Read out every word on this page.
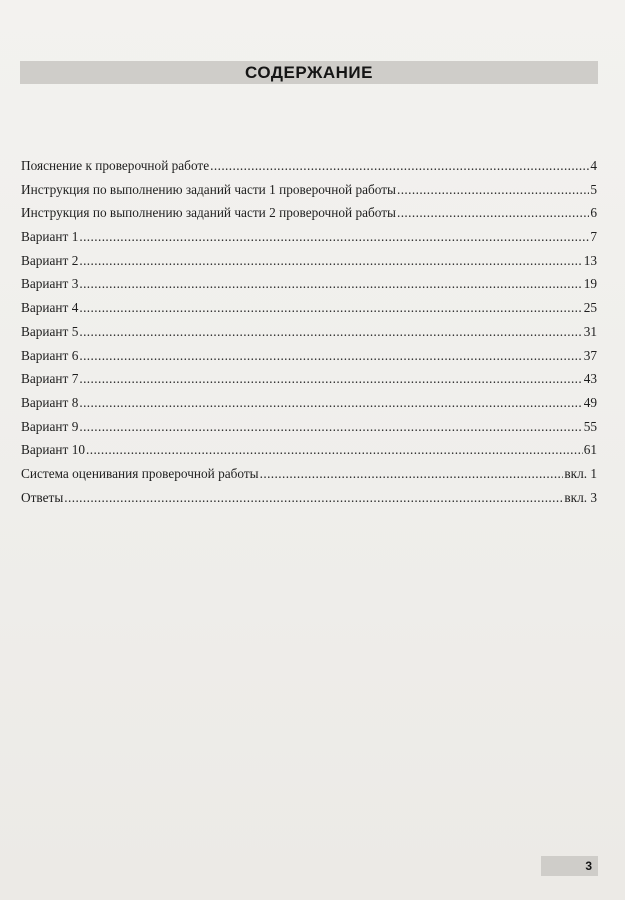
СОДЕРЖАНИЕ
Пояснение к проверочной работе .....	4
Инструкция по выполнению заданий части 1 проверочной работы .....	5
Инструкция по выполнению заданий части 2 проверочной работы .....	6
Вариант 1 .....	7
Вариант 2 .....	13
Вариант 3 .....	19
Вариант 4 .....	25
Вариант 5 .....	31
Вариант 6 .....	37
Вариант 7 .....	43
Вариант 8 .....	49
Вариант 9 .....	55
Вариант 10 .....	61
Система оценивания проверочной работы .....	вкл. 1
Ответы .....	вкл. 3
3
